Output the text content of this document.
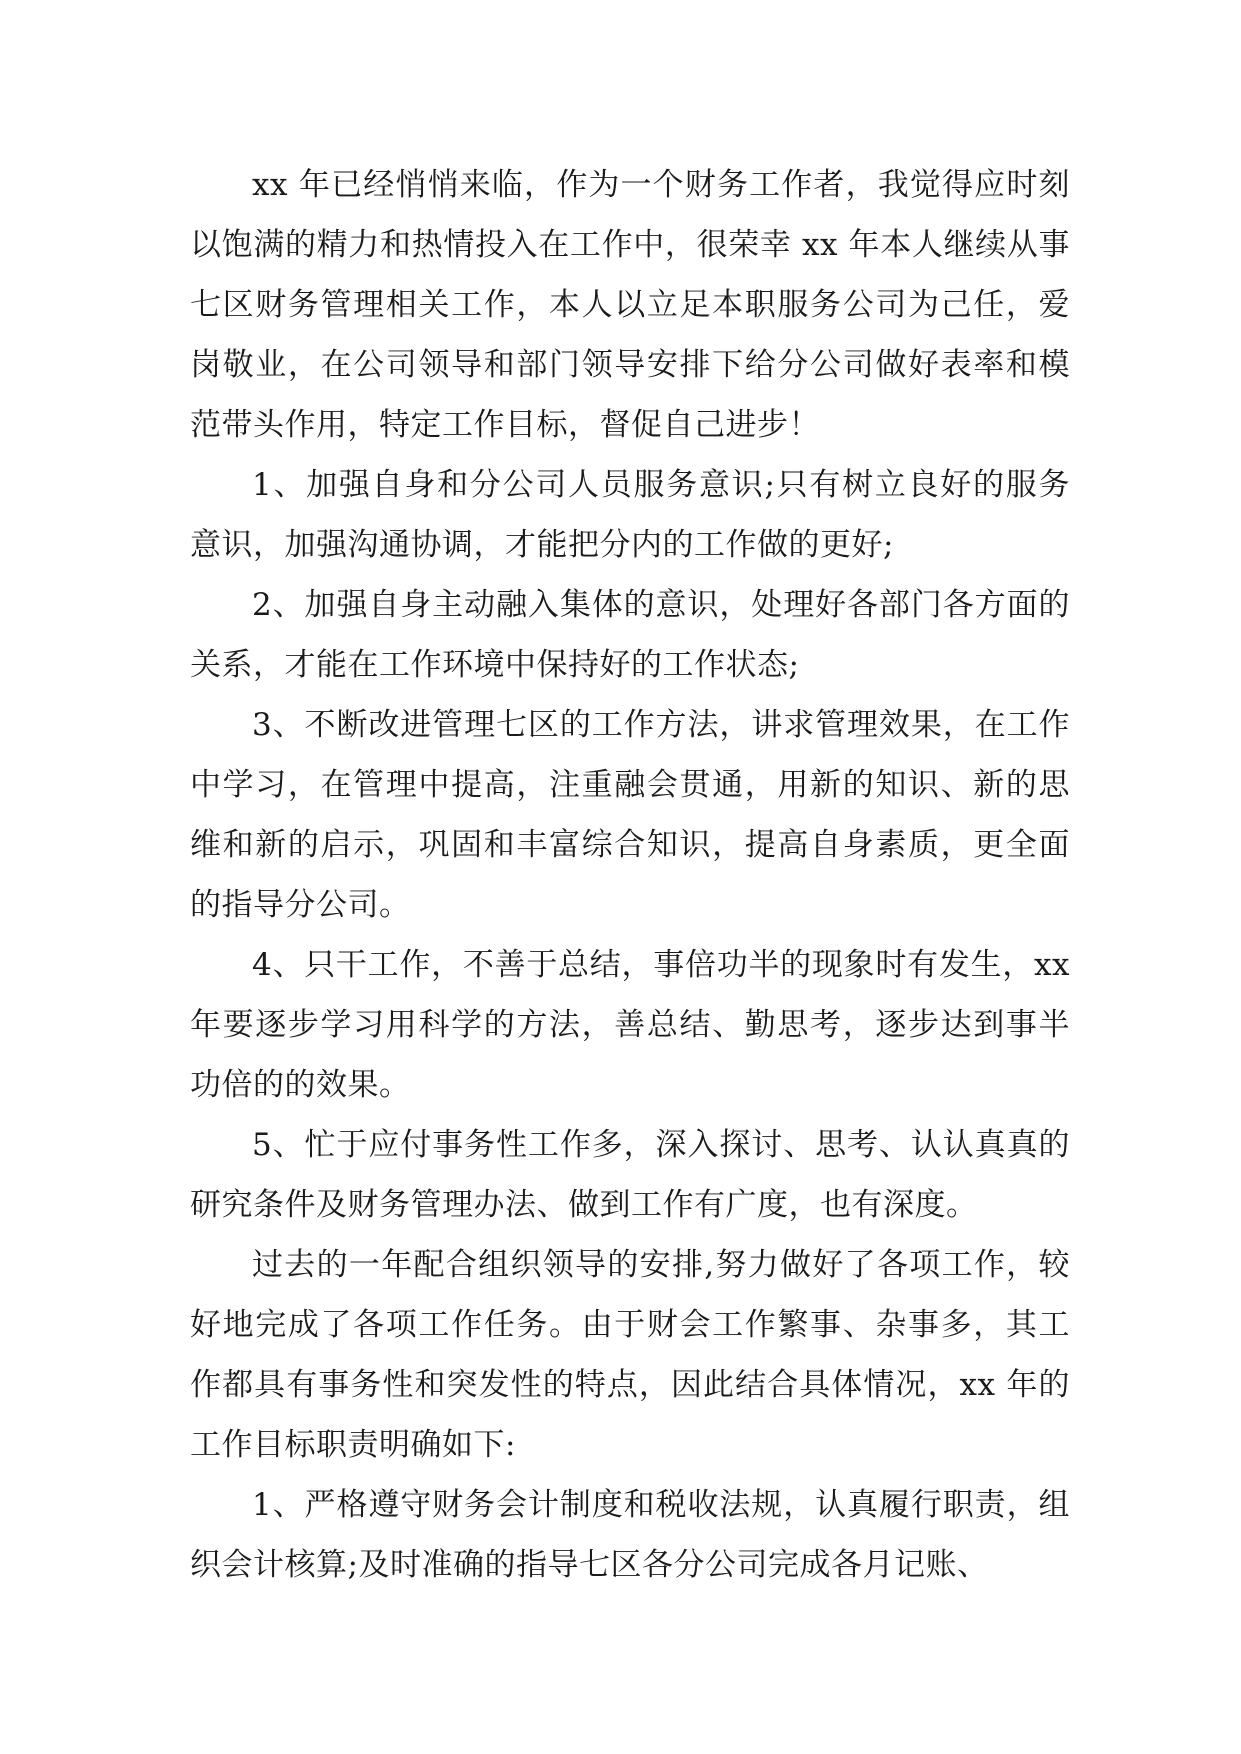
xx 年已经悄悄来临，作为一个财务工作者，我觉得应时刻以饱满的精力和热情投入在工作中，很荣幸 xx 年本人继续从事七区财务管理相关工作，本人以立足本职服务公司为己任，爱岗敬业，在公司领导和部门领导安排下给分公司做好表率和模范带头作用，特定工作目标，督促自己进步！

1、加强自身和分公司人员服务意识;只有树立良好的服务意识，加强沟通协调，才能把分内的工作做的更好;

2、加强自身主动融入集体的意识，处理好各部门各方面的关系，才能在工作环境中保持好的工作状态;

3、不断改进管理七区的工作方法，讲求管理效果，在工作中学习，在管理中提高，注重融会贯通，用新的知识、新的思维和新的启示，巩固和丰富综合知识，提高自身素质，更全面的指导分公司。

4、只干工作，不善于总结，事倍功半的现象时有发生，xx 年要逐步学习用科学的方法，善总结、勤思考，逐步达到事半功倍的的效果。

5、忙于应付事务性工作多，深入探讨、思考、认认真真的研究条件及财务管理办法、做到工作有广度，也有深度。

过去的一年配合组织领导的安排,努力做好了各项工作，较好地完成了各项工作任务。由于财会工作繁事、杂事多，其工作都具有事务性和突发性的特点，因此结合具体情况，xx 年的工作目标职责明确如下:

1、严格遵守财务会计制度和税收法规，认真履行职责，组织会计核算;及时准确的指导七区各分公司完成各月记账、
